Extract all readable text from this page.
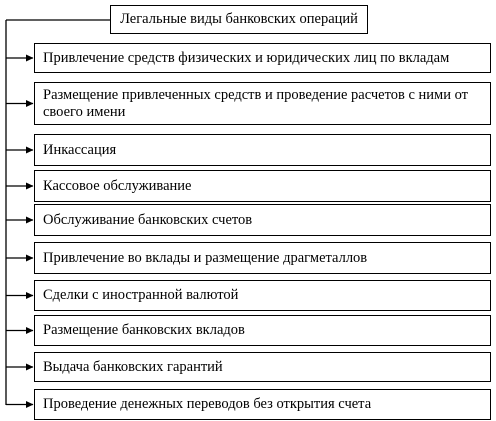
Легальные виды банковских операций
Привлечение средств физических и юридических лиц по вкладам
Размещение привлеченных средств и проведение расчетов с ними от своего имени
Инкассация
Кассовое обслуживание
Обслуживание банковских счетов
Привлечение во вклады и размещение драгметаллов
Сделки с иностранной валютой
Размещение банковских вкладов
Выдача банковских гарантий
Проведение денежных переводов без открытия счета
